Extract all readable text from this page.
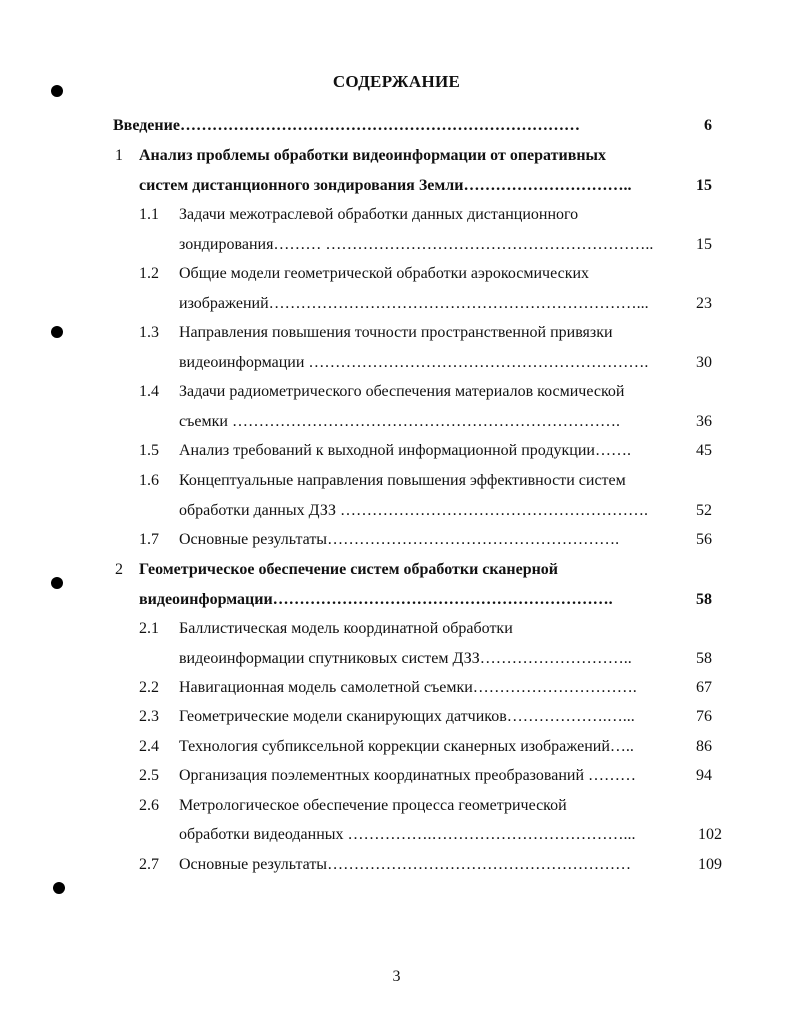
СОДЕРЖАНИЕ
Введение…………………………………………………………………	6
1 Анализ проблемы обработки видеоинформации от оперативных
систем дистанционного зондирования Земли…………………………..	15
1.1 Задачи межотраслевой обработки данных дистанционного
зондирования……… ……………………………………………………..	15
1.2 Общие модели геометрической обработки аэрокосмических
изображений……………………………………………………………...	23
1.3 Направления повышения точности пространственной привязки
видеоинформации ……………………………………………………….	30
1.4 Задачи радиометрического обеспечения материалов космической
съемки ……………………………………………………………….	36
1.5 Анализ требований к выходной информационной продукции…….	45
1.6 Концептуальные направления повышения эффективности систем
обработки данных ДЗЗ ………………………………………………….	52
1.7 Основные результаты……………………………………………….	56
2 Геометрическое обеспечение систем обработки сканерной
видеоинформации……………………………………………………….	58
2.1 Баллистическая модель координатной обработки
видеоинформации спутниковых систем ДЗЗ………………………..	58
2.2 Навигационная модель самолетной съемки………………………….	67
2.3 Геометрические модели сканирующих датчиков……………….…...	76
2.4 Технология субпиксельной коррекции сканерных изображений…..	86
2.5 Организация поэлементных координатных преобразований ………	94
2.6 Метрологическое обеспечение процесса геометрической
обработки видеоданных …………….………………………………...	102
2.7 Основные результаты…………………………………………………	109
3
